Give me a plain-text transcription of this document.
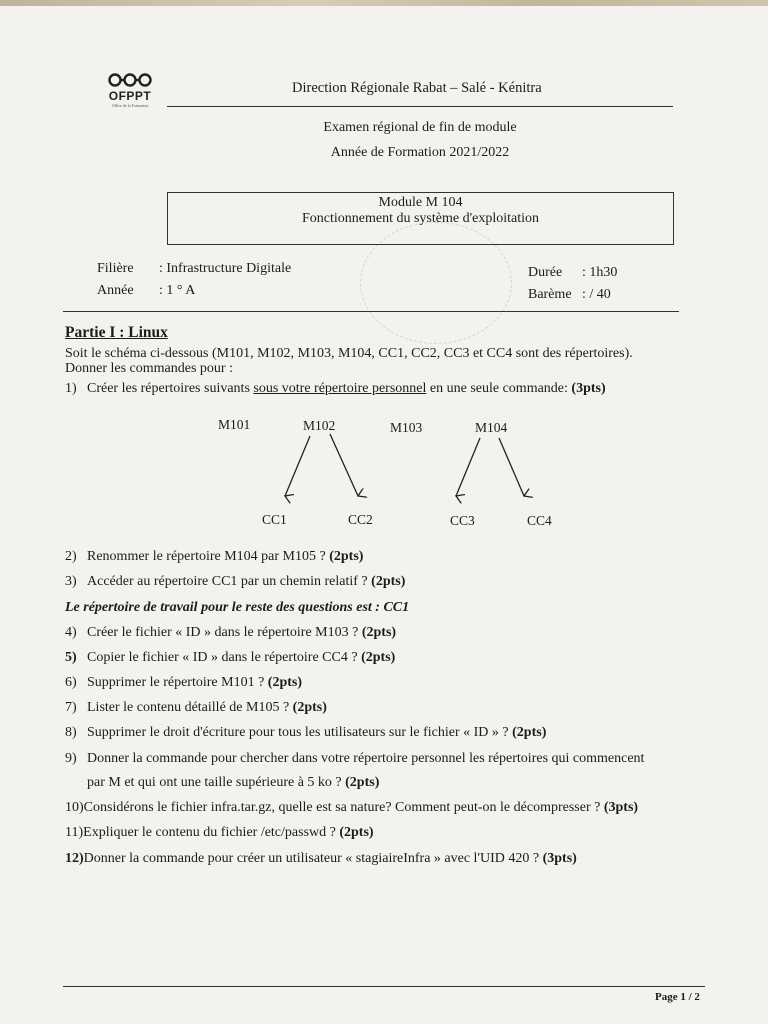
OFPPT
Office de la Formation
Direction Régionale Rabat – Salé - Kénitra
Examen régional de fin de module
Année de Formation 2021/2022
Module M 104
Fonctionnement du système d'exploitation
Filière : Infrastructure Digitale
Année : 1 ° A
Durée : 1h30
Barème : / 40
Partie I : Linux
Soit le schéma ci-dessous (M101, M102, M103, M104, CC1, CC2, CC3 et CC4 sont des répertoires).
Donner les commandes pour :
1) Créer les répertoires suivants sous votre répertoire personnel en une seule commande: (3pts)
M101	M102	M103	M104
CC1	CC2	CC3	CC4
2) Renommer le répertoire M104 par M105 ? (2pts)
3) Accéder au répertoire CC1 par un chemin relatif ? (2pts)
Le répertoire de travail pour le reste des questions est : CC1
4) Créer le fichier « ID » dans le répertoire M103 ? (2pts)
5) Copier le fichier « ID » dans le répertoire CC4 ? (2pts)
6) Supprimer le répertoire M101 ? (2pts)
7) Lister le contenu détaillé de M105 ? (2pts)
8) Supprimer le droit d'écriture pour tous les utilisateurs sur le fichier « ID » ? (2pts)
9) Donner la commande pour chercher dans votre répertoire personnel les répertoires qui commencent
par M et qui ont une taille supérieure à 5 ko ? (2pts)
10)Considérons le fichier infra.tar.gz, quelle est sa nature? Comment peut-on le décompresser ? (3pts)
11)Expliquer le contenu du fichier /etc/passwd ? (2pts)
12)Donner la commande pour créer un utilisateur « stagiaireInfra » avec l'UID 420 ? (3pts)
Page 1 / 2
